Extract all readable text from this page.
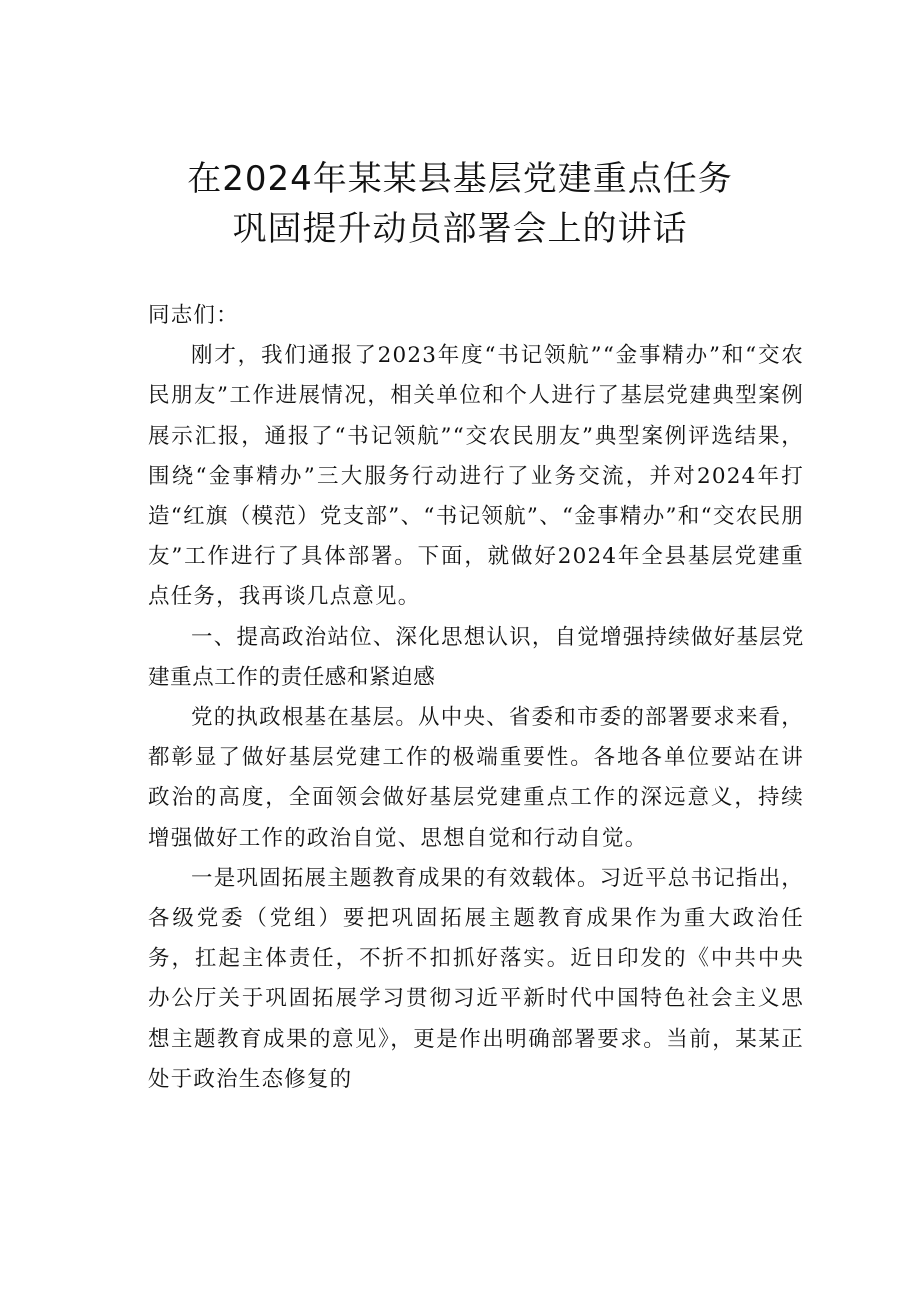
在2024年某某县基层党建重点任务
巩固提升动员部署会上的讲话

同志们：

刚才，我们通报了2023年度“书记领航”“金事精办”和“交农民朋友”工作进展情况，相关单位和个人进行了基层党建典型案例展示汇报，通报了“书记领航”“交农民朋友”典型案例评选结果，围绕“金事精办”三大服务行动进行了业务交流，并对2024年打造“红旗（模范）党支部”、“书记领航”、“金事精办”和“交农民朋友”工作进行了具体部署。下面，就做好2024年全县基层党建重点任务，我再谈几点意见。

一、提高政治站位、深化思想认识，自觉增强持续做好基层党建重点工作的责任感和紧迫感

党的执政根基在基层。从中央、省委和市委的部署要求来看，都彰显了做好基层党建工作的极端重要性。各地各单位要站在讲政治的高度，全面领会做好基层党建重点工作的深远意义，持续增强做好工作的政治自觉、思想自觉和行动自觉。

一是巩固拓展主题教育成果的有效载体。习近平总书记指出，各级党委（党组）要把巩固拓展主题教育成果作为重大政治任务，扛起主体责任，不折不扣抓好落实。近日印发的《中共中央办公厅关于巩固拓展学习贯彻习近平新时代中国特色社会主义思想主题教育成果的意见》，更是作出明确部署要求。当前，某某正处于政治生态修复的
